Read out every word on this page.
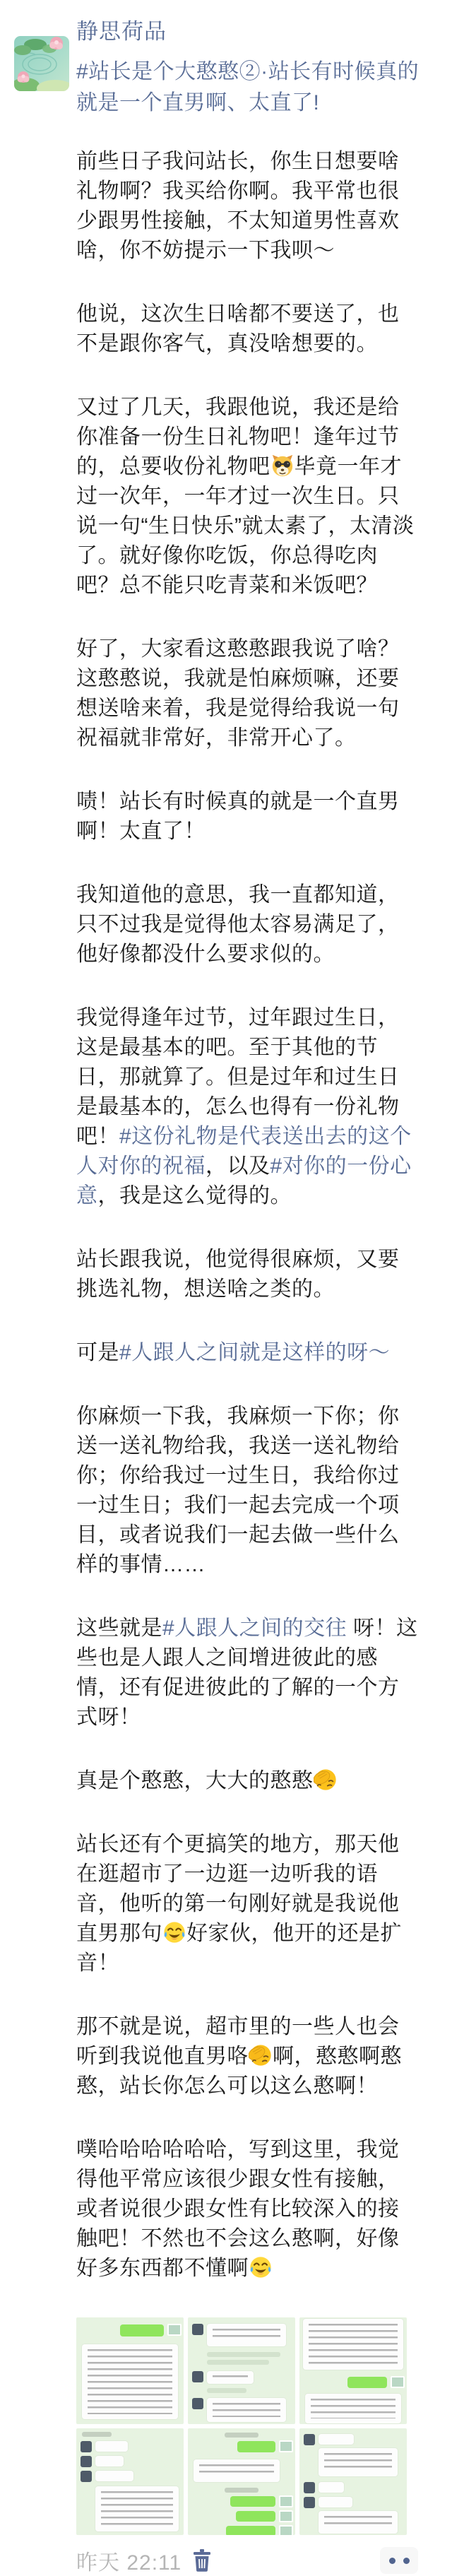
静思荷品
#站长是个大憨憨②·站长有时候真的就是一个直男啊、太直了!

前些日子我问站长，你生日想要啥礼物啊？我买给你啊。我平常也很少跟男性接触，不太知道男性喜欢啥，你不妨提示一下我呗～

他说，这次生日啥都不要送了，也不是跟你客气，真没啥想要的。

又过了几天，我跟他说，我还是给你准备一份生日礼物吧！逢年过节的，总要收份礼物吧 毕竟一年才过一次年，一年才过一次生日。只说一句“生日快乐”就太素了，太清淡了。就好像你吃饭，你总得吃肉吧？总不能只吃青菜和米饭吧？

好了，大家看这憨憨跟我说了啥？这憨憨说，我就是怕麻烦嘛，还要想送啥来着，我是觉得给我说一句祝福就非常好，非常开心了。

啧！站长有时候真的就是一个直男啊！太直了！

我知道他的意思，我一直都知道，只不过我是觉得他太容易满足了，他好像都没什么要求似的。

我觉得逢年过节，过年跟过生日，这是最基本的吧。至于其他的节日，那就算了。但是过年和过生日是最基本的，怎么也得有一份礼物吧！#这份礼物是代表送出去的这个人对你的祝福，以及#对你的一份心意，我是这么觉得的。

站长跟我说，他觉得很麻烦，又要挑选礼物，想送啥之类的。

可是#人跟人之间就是这样的呀～

你麻烦一下我，我麻烦一下你；你送一送礼物给我，我送一送礼物给你；你给我过一过生日，我给你过一过生日；我们一起去完成一个项目，或者说我们一起去做一些什么样的事情……

这些就是#人跟人之间的交往 呀！这些也是人跟人之间增进彼此的感情，还有促进彼此的了解的一个方式呀！

真是个憨憨，大大的憨憨

站长还有个更搞笑的地方，那天他在逛超市了一边逛一边听我的语音，他听的第一句刚好就是我说他直男那句 好家伙，他开的还是扩音！

那不就是说，超市里的一些人也会听到我说他直男咯 啊，憨憨啊憨憨，站长你怎么可以这么憨啊！

噗哈哈哈哈哈哈，写到这里，我觉得他平常应该很少跟女性有接触，或者说很少跟女性有比较深入的接触吧！不然也不会这么憨啊，好像好多东西都不懂啊

昨天 22:11
